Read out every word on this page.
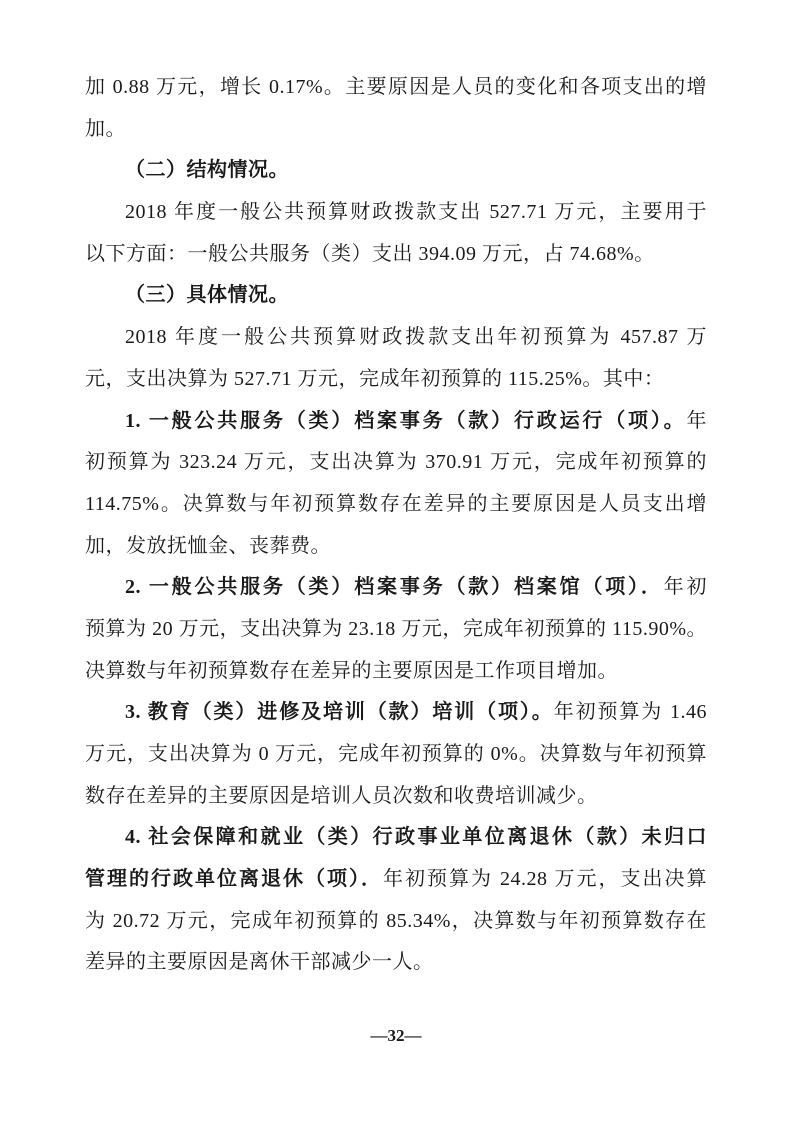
加 0.88 万元，增长 0.17%。主要原因是人员的变化和各项支出的增
加。
（二）结构情况。
2018 年度一般公共预算财政拨款支出 527.71 万元，主要用于
以下方面：一般公共服务（类）支出 394.09 万元，占 74.68%。
（三）具体情况。
2018 年度一般公共预算财政拨款支出年初预算为 457.87 万
元，支出决算为 527.71 万元，完成年初预算的 115.25%。其中：
1. 一般公共服务（类）档案事务（款）行政运行（项）。年
初预算为 323.24 万元，支出决算为 370.91 万元，完成年初预算的
114.75%。决算数与年初预算数存在差异的主要原因是人员支出增
加，发放抚恤金、丧葬费。
2. 一般公共服务（类）档案事务（款）档案馆（项）．年初
预算为 20 万元，支出决算为 23.18 万元，完成年初预算的 115.90%。
决算数与年初预算数存在差异的主要原因是工作项目增加。
3. 教育（类）进修及培训（款）培训（项）。年初预算为 1.46
万元，支出决算为 0 万元，完成年初预算的 0%。决算数与年初预算
数存在差异的主要原因是培训人员次数和收费培训减少。
4. 社会保障和就业（类）行政事业单位离退休（款）未归口
管理的行政单位离退休（项）．年初预算为 24.28 万元，支出决算
为 20.72 万元，完成年初预算的 85.34%，决算数与年初预算数存在
差异的主要原因是离休干部减少一人。
—32—
